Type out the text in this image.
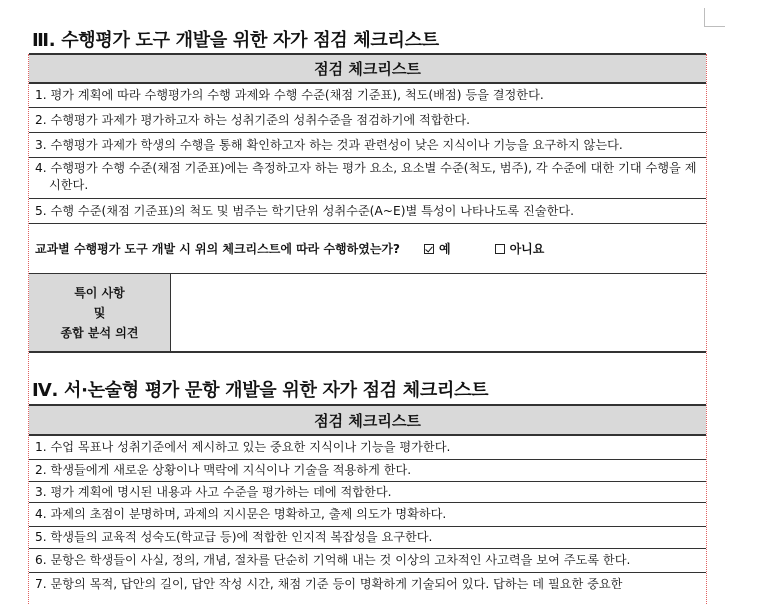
Ⅲ. 수행평가 도구 개발을 위한 자가 점검 체크리스트
점검 체크리스트
1. 평가 계획에 따라 수행평가의 수행 과제와 수행 수준(채점 기준표), 척도(배점) 등을 결정한다.
2. 수행평가 과제가 평가하고자 하는 성취기준의 성취수준을 점검하기에 적합한다.
3. 수행평가 과제가 학생의 수행을 통해 확인하고자 하는 것과 관련성이 낮은 지식이나 기능을 요구하지 않는다.
4. 수행평가 수행 수준(채점 기준표)에는 측정하고자 하는 평가 요소, 요소별 수준(척도, 범주), 각 수준에 대한 기대 수행을 제시한다.
5. 수행 수준(채점 기준표)의 척도 및 범주는 학기단위 성취수준(A~E)별 특성이 나타나도록 진술한다.
교과별 수행평가 도구 개발 시 위의 체크리스트에 따라 수행하였는가?	예	아니요
특이 사항
및
종합 분석 의견
Ⅳ. 서·논술형 평가 문항 개발을 위한 자가 점검 체크리스트
점검 체크리스트
1. 수업 목표나 성취기준에서 제시하고 있는 중요한 지식이나 기능을 평가한다.
2. 학생들에게 새로운 상황이나 맥락에 지식이나 기술을 적용하게 한다.
3. 평가 계획에 명시된 내용과 사고 수준을 평가하는 데에 적합한다.
4. 과제의 초점이 분명하며, 과제의 지시문은 명확하고, 출제 의도가 명확하다.
5. 학생들의 교육적 성숙도(학교급 등)에 적합한 인지적 복잡성을 요구한다.
6. 문항은 학생들이 사실, 정의, 개념, 절차를 단순히 기억해 내는 것 이상의 고차적인 사고력을 보여 주도록 한다.
7. 문항의 목적, 답안의 길이, 답안 작성 시간, 채점 기준 등이 명확하게 기술되어 있다. 답하는 데 필요한 중요한
